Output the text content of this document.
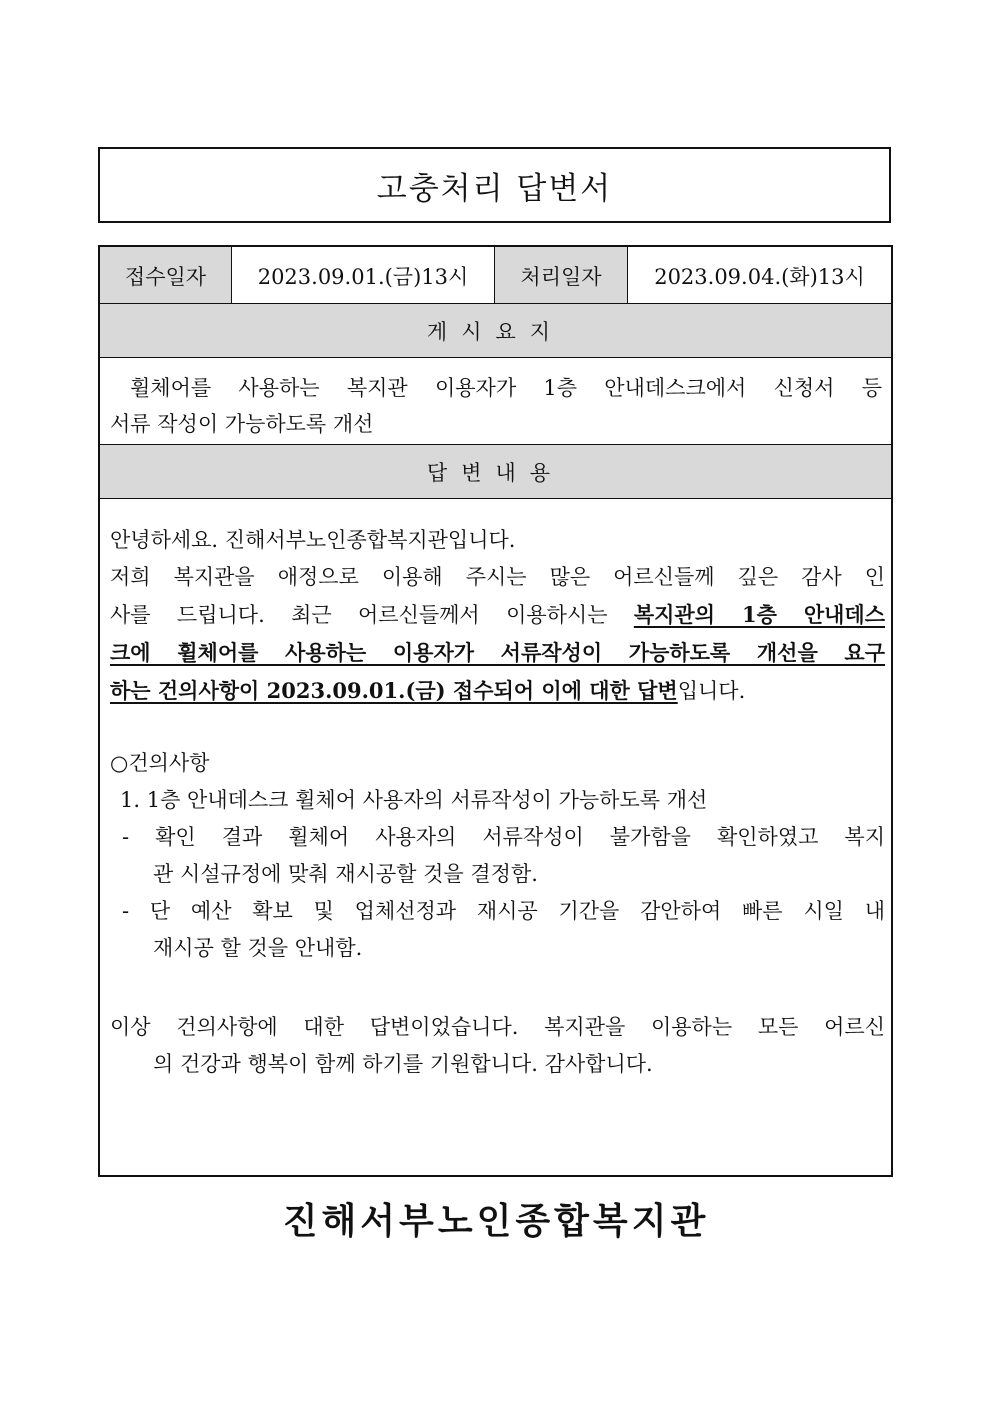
고충처리 답변서
접수일자	2023.09.01.(금)13시	처리일자	2023.09.04.(화)13시
게시요지
휠체어를 사용하는 복지관 이용자가 1층 안내데스크에서 신청서 등
서류 작성이 가능하도록 개선
답변내용
안녕하세요. 진해서부노인종합복지관입니다.
저희 복지관을 애정으로 이용해 주시는 많은 어르신들께 깊은 감사 인
사를 드립니다. 최근 어르신들께서 이용하시는 복지관의 1층 안내데스
크에 휠체어를 사용하는 이용자가 서류작성이 가능하도록 개선을 요구
하는 건의사항이 2023.09.01.(금) 접수되어 이에 대한 답변입니다.
○건의사항
1. 1층 안내데스크 휠체어 사용자의 서류작성이 가능하도록 개선
- 확인 결과 휠체어 사용자의 서류작성이 불가함을 확인하였고 복지
관 시설규정에 맞춰 재시공할 것을 결정함.
- 단 예산 확보 및 업체선정과 재시공 기간을 감안하여 빠른 시일 내
재시공 할 것을 안내함.
이상 건의사항에 대한 답변이었습니다. 복지관을 이용하는 모든 어르신
의 건강과 행복이 함께 하기를 기원합니다. 감사합니다.
진해서부노인종합복지관
